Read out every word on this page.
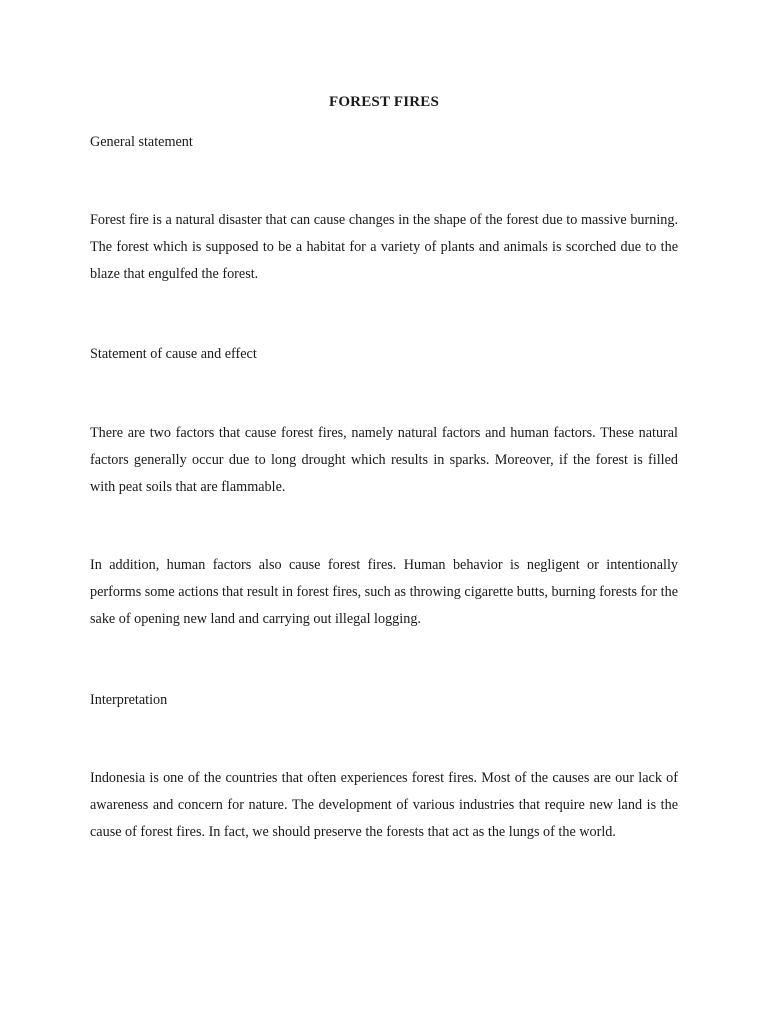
FOREST FIRES
General statement
Forest fire is a natural disaster that can cause changes in the shape of the forest due to massive burning. The forest which is supposed to be a habitat for a variety of plants and animals is scorched due to the blaze that engulfed the forest.
Statement of cause and effect
There are two factors that cause forest fires, namely natural factors and human factors. These natural factors generally occur due to long drought which results in sparks. Moreover, if the forest is filled with peat soils that are flammable.
In addition, human factors also cause forest fires. Human behavior is negligent or intentionally performs some actions that result in forest fires, such as throwing cigarette butts, burning forests for the sake of opening new land and carrying out illegal logging.
Interpretation
Indonesia is one of the countries that often experiences forest fires. Most of the causes are our lack of awareness and concern for nature. The development of various industries that require new land is the cause of forest fires. In fact, we should preserve the forests that act as the lungs of the world.
